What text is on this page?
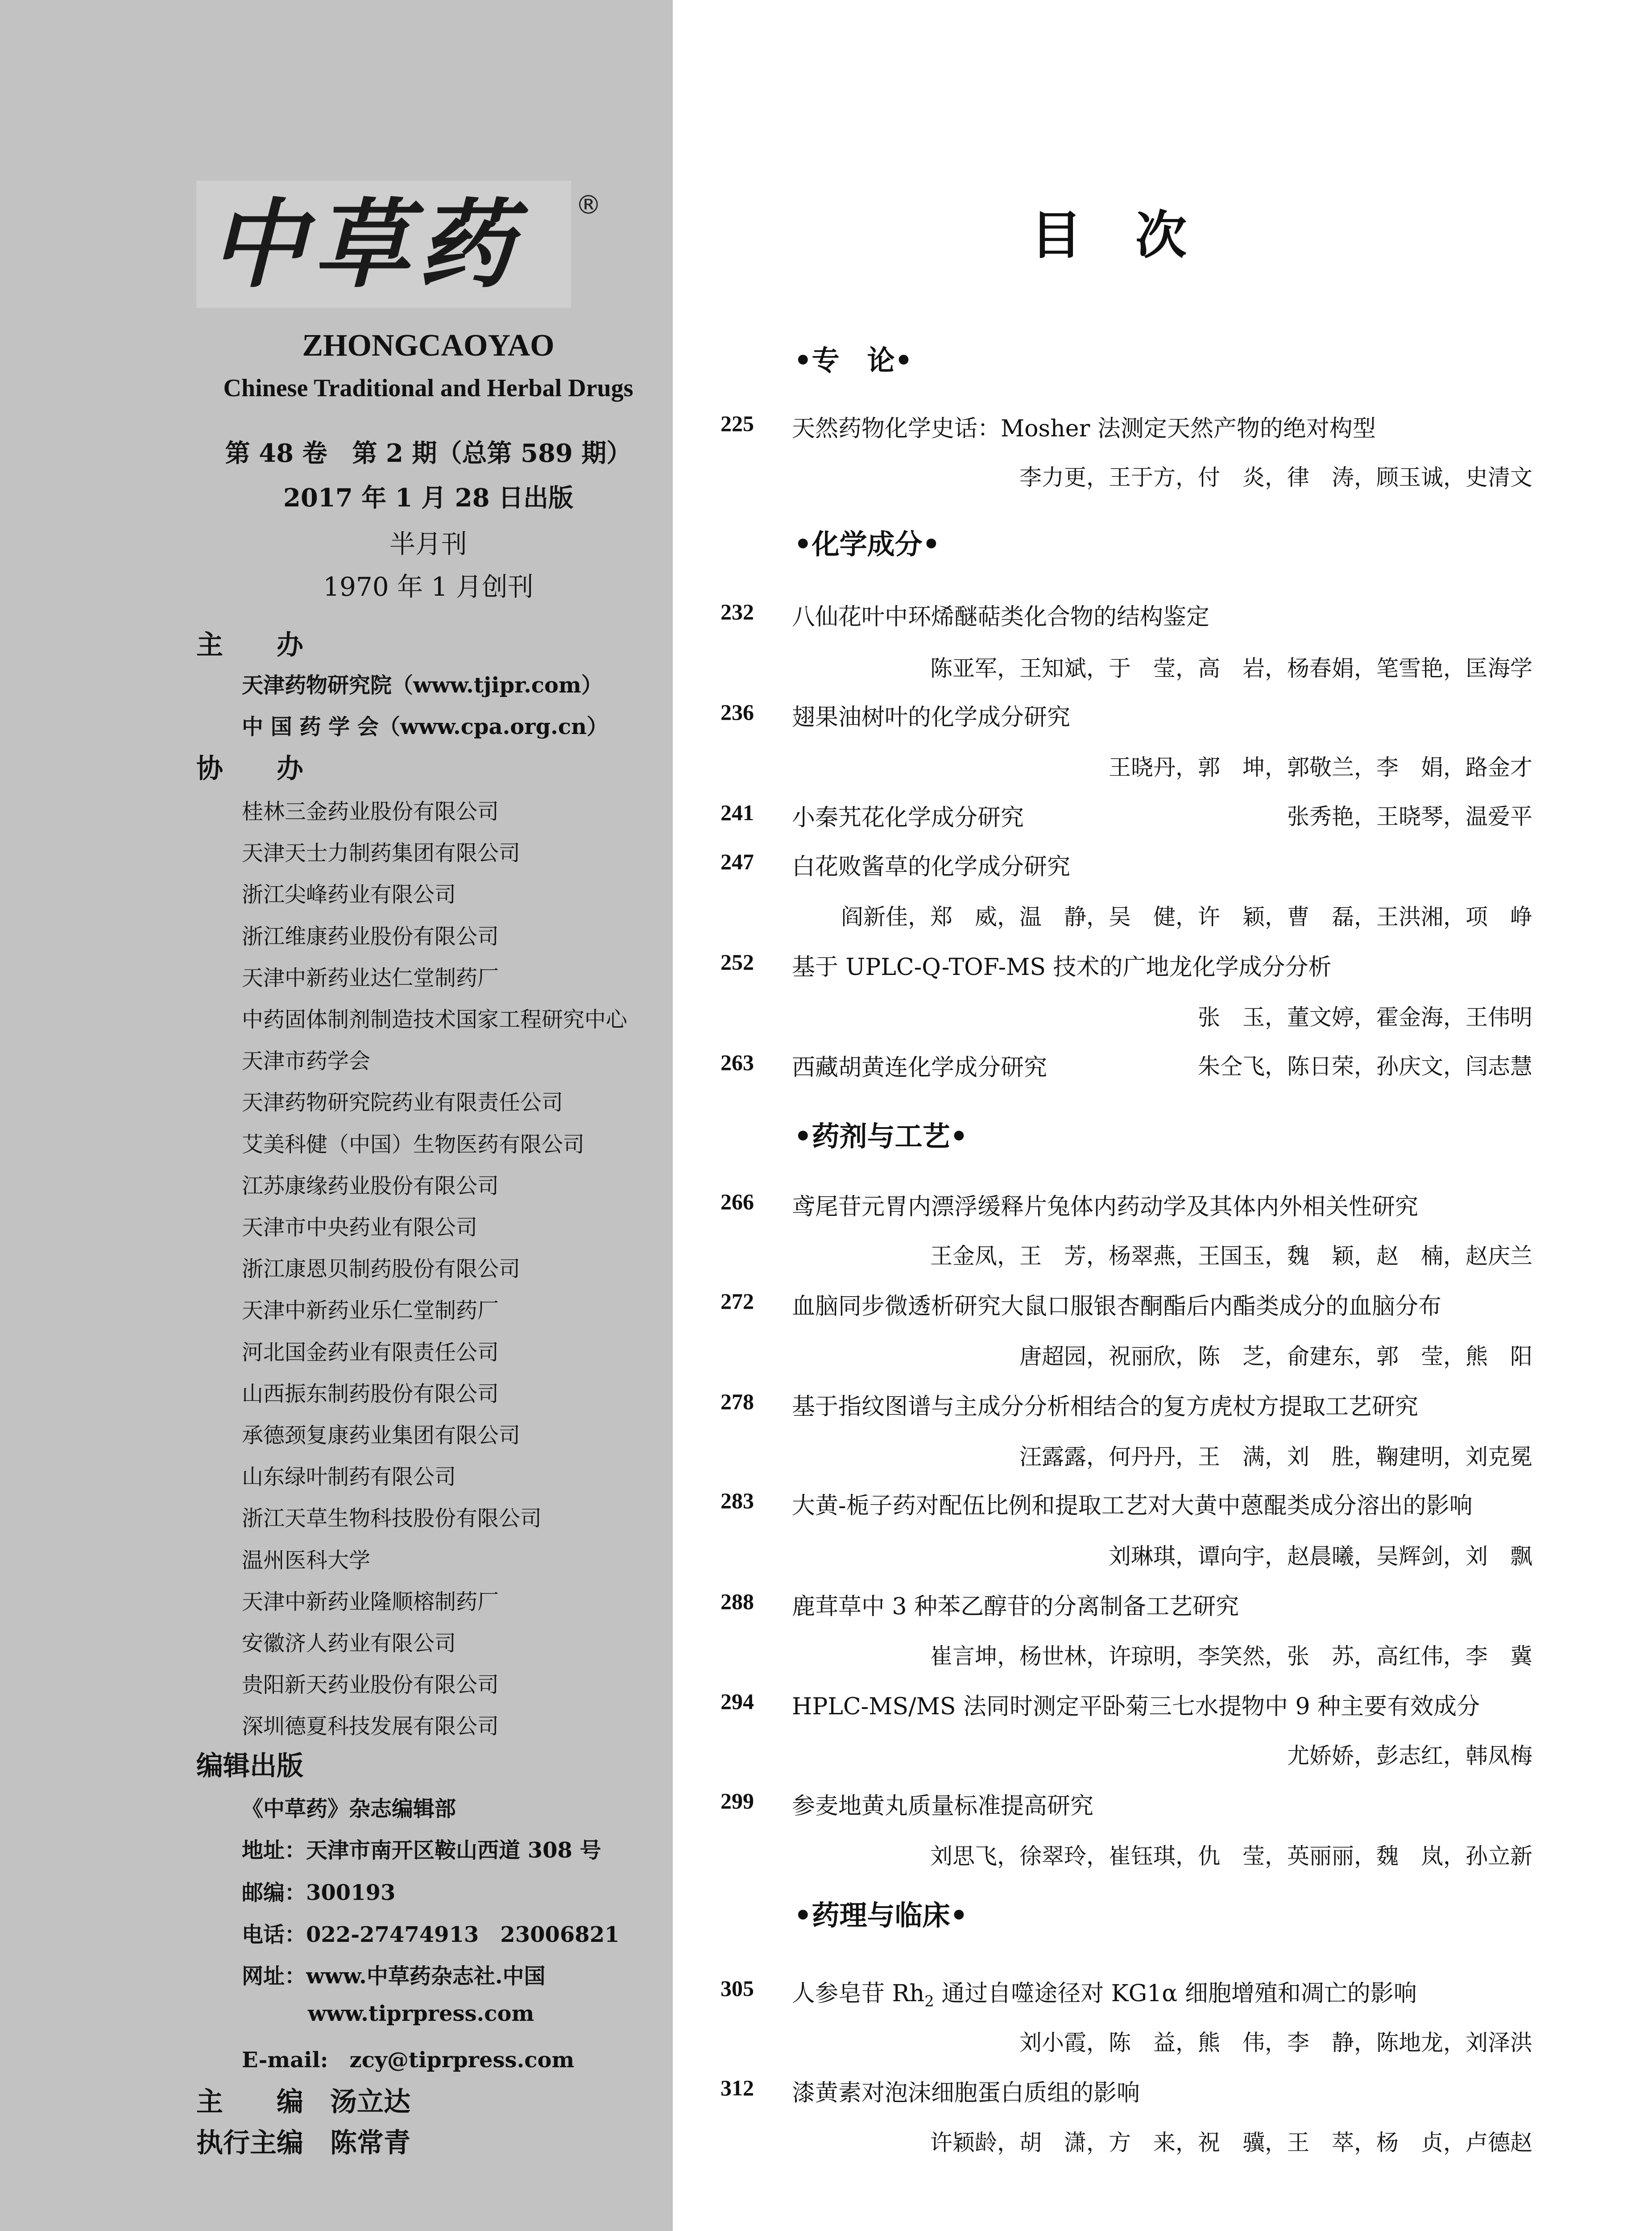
中草药	®
ZHONGCAOYAO
Chinese Traditional and Herbal Drugs
第 48 卷　第 2 期（总第 589 期）
2017 年 1 月 28 日出版
半月刊
1970 年 1 月创刊
主　　办
天津药物研究院（www.tjipr.com）
中 国 药 学 会（www.cpa.org.cn）
协　　办
桂林三金药业股份有限公司
天津天士力制药集团有限公司
浙江尖峰药业有限公司
浙江维康药业股份有限公司
天津中新药业达仁堂制药厂
中药固体制剂制造技术国家工程研究中心
天津市药学会
天津药物研究院药业有限责任公司
艾美科健（中国）生物医药有限公司
江苏康缘药业股份有限公司
天津市中央药业有限公司
浙江康恩贝制药股份有限公司
天津中新药业乐仁堂制药厂
河北国金药业有限责任公司
山西振东制药股份有限公司
承德颈复康药业集团有限公司
山东绿叶制药有限公司
浙江天草生物科技股份有限公司
温州医科大学
天津中新药业隆顺榕制药厂
安徽济人药业有限公司
贵阳新天药业股份有限公司
深圳德夏科技发展有限公司
编辑出版
《中草药》杂志编辑部
地址：天津市南开区鞍山西道 308 号
邮编：300193
电话：022-27474913　23006821
网址：www.中草药杂志社.中国
www.tiprpress.com
E-mail:　zcy@tiprpress.com
主　　编　汤立达
执行主编　陈常青
目次
•专　论•
•化学成分•
•药剂与工艺•
•药理与临床•
225 天然药物化学史话：Mosher 法测定天然产物的绝对构型
李力更，王于方，付　炎，律　涛，顾玉诚，史清文
232 八仙花叶中环烯醚萜类化合物的结构鉴定
陈亚军，王知斌，于　莹，高　岩，杨春娟，笔雪艳，匡海学
236 翅果油树叶的化学成分研究
王晓丹，郭　坤，郭敬兰，李　娟，路金才
241 小秦艽花化学成分研究	张秀艳，王晓琴，温爱平
247 白花败酱草的化学成分研究
阎新佳，郑　威，温　静，吴　健，许　颖，曹　磊，王洪湘，项　峥
252 基于 UPLC-Q-TOF-MS 技术的广地龙化学成分分析
张　玉，董文婷，霍金海，王伟明
263 西藏胡黄连化学成分研究	朱仝飞，陈日荣，孙庆文，闫志慧
266 鸢尾苷元胃内漂浮缓释片兔体内药动学及其体内外相关性研究
王金凤，王　芳，杨翠燕，王国玉，魏　颖，赵　楠，赵庆兰
272 血脑同步微透析研究大鼠口服银杏酮酯后内酯类成分的血脑分布
唐超园，祝丽欣，陈　芝，俞建东，郭　莹，熊　阳
278 基于指纹图谱与主成分分析相结合的复方虎杖方提取工艺研究
汪露露，何丹丹，王　满，刘　胜，鞠建明，刘克冕
283 大黄-栀子药对配伍比例和提取工艺对大黄中蒽醌类成分溶出的影响
刘琳琪，谭向宇，赵晨曦，吴辉剑，刘　飘
288 鹿茸草中 3 种苯乙醇苷的分离制备工艺研究
崔言坤，杨世林，许琼明，李笑然，张　苏，高红伟，李　冀
294 HPLC-MS/MS 法同时测定平卧菊三七水提物中 9 种主要有效成分
尤娇娇，彭志红，韩凤梅
299 参麦地黄丸质量标准提高研究
刘思飞，徐翠玲，崔钰琪，仇　莹，英丽丽，魏　岚，孙立新
305 人参皂苷 $Rh_2$ 通过自噬途径对 KG1α 细胞增殖和凋亡的影响
刘小霞，陈　益，熊　伟，李　静，陈地龙，刘泽洪
312 漆黄素对泡沫细胞蛋白质组的影响
许颖龄，胡　潇，方　来，祝　骥，王　萃，杨　贞，卢德赵
